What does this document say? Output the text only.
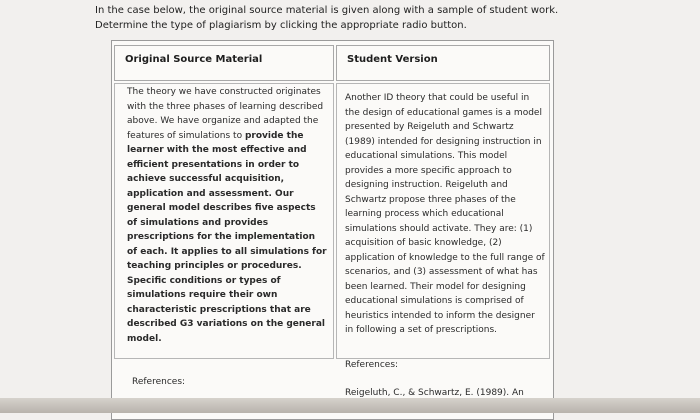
In the case below, the original source material is given along with a sample of student work.

Determine the type of plagiarism by clicking the appropriate radio button.

Original Source Material	Student Version
The theory we have constructed originates with the three phases of learning described above. We have organize and adapted the features of simulations to provide the learner with the most effective and efficient presentations in order to achieve successful acquisition, application and assessment. Our general model describes five aspects of simulations and provides prescriptions for the implementation of each. It applies to all simulations for teaching principles or procedures. Specific conditions or types of simulations require their own characteristic prescriptions that are described G3 variations on the general model.
Another ID theory that could be useful in the design of educational games is a model presented by Reigeluth and Schwartz (1989) intended for designing instruction in educational simulations. This model provides a more specific approach to designing instruction. Reigeluth and Schwartz propose three phases of the learning process which educational simulations should activate. They are: (1) acquisition of basic knowledge, (2) application of knowledge to the full range of scenarios, and (3) assessment of what has been learned. Their model for designing educational simulations is comprised of heuristics intended to inform the designer in following a set of prescriptions.
References:
Reigeluth, C., & Schwartz, E. (1989). An
References:
